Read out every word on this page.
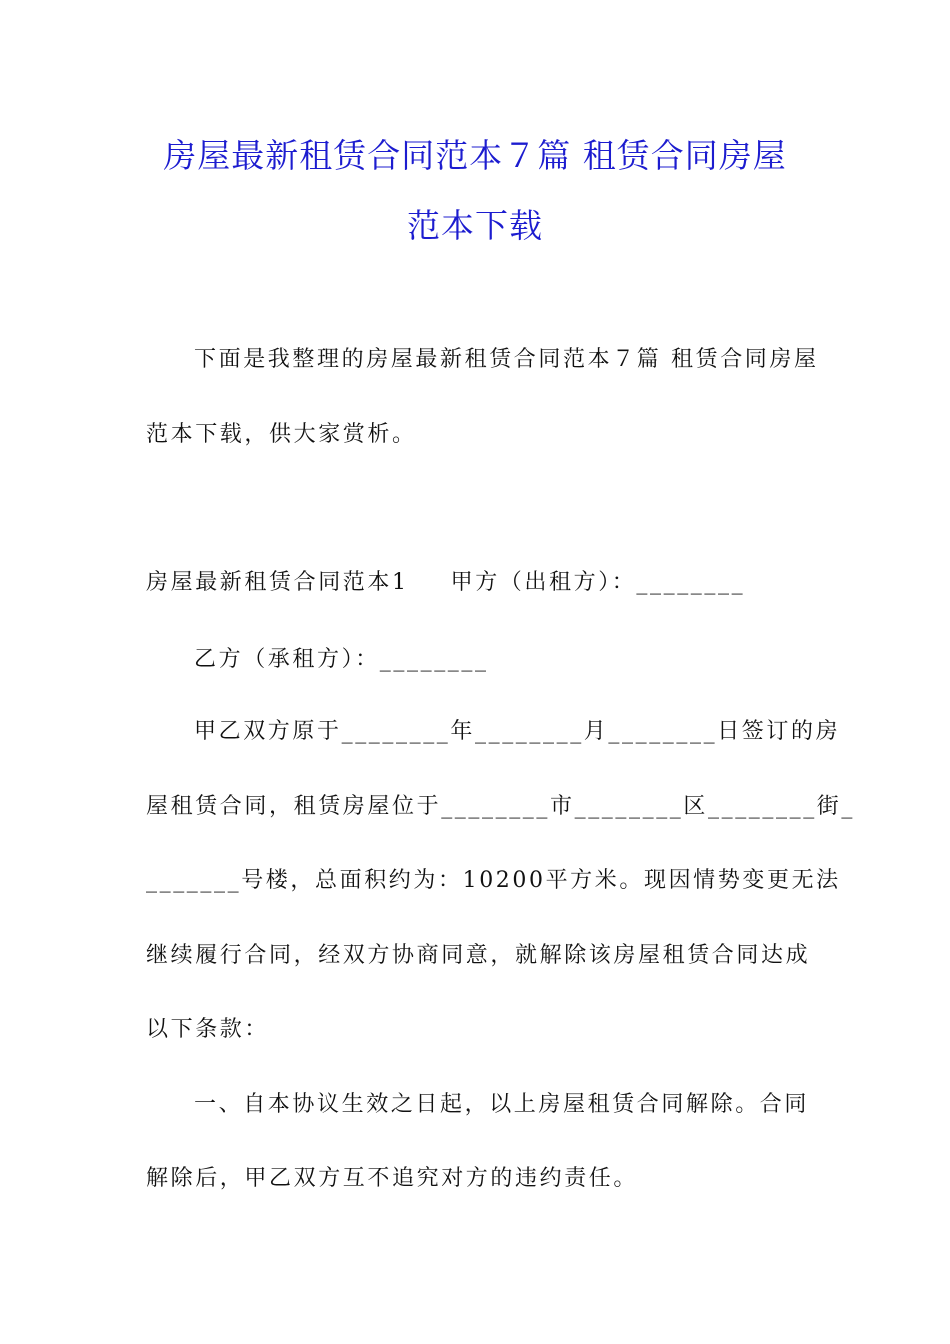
房屋最新租赁合同范本７篇 租赁合同房屋
范本下载
下面是我整理的房屋最新租赁合同范本７篇 租赁合同房屋
范本下载，供大家赏析。
房屋最新租赁合同范本1 甲方（出租方）：________
乙方（承租方）：________
甲乙双方原于________年________月________日签订的房
屋租赁合同，租赁房屋位于________市________区________街_
_______号楼，总面积约为：10200平方米。现因情势变更无法
继续履行合同，经双方协商同意，就解除该房屋租赁合同达成
以下条款：
一、自本协议生效之日起，以上房屋租赁合同解除。合同
解除后，甲乙双方互不追究对方的违约责任。
